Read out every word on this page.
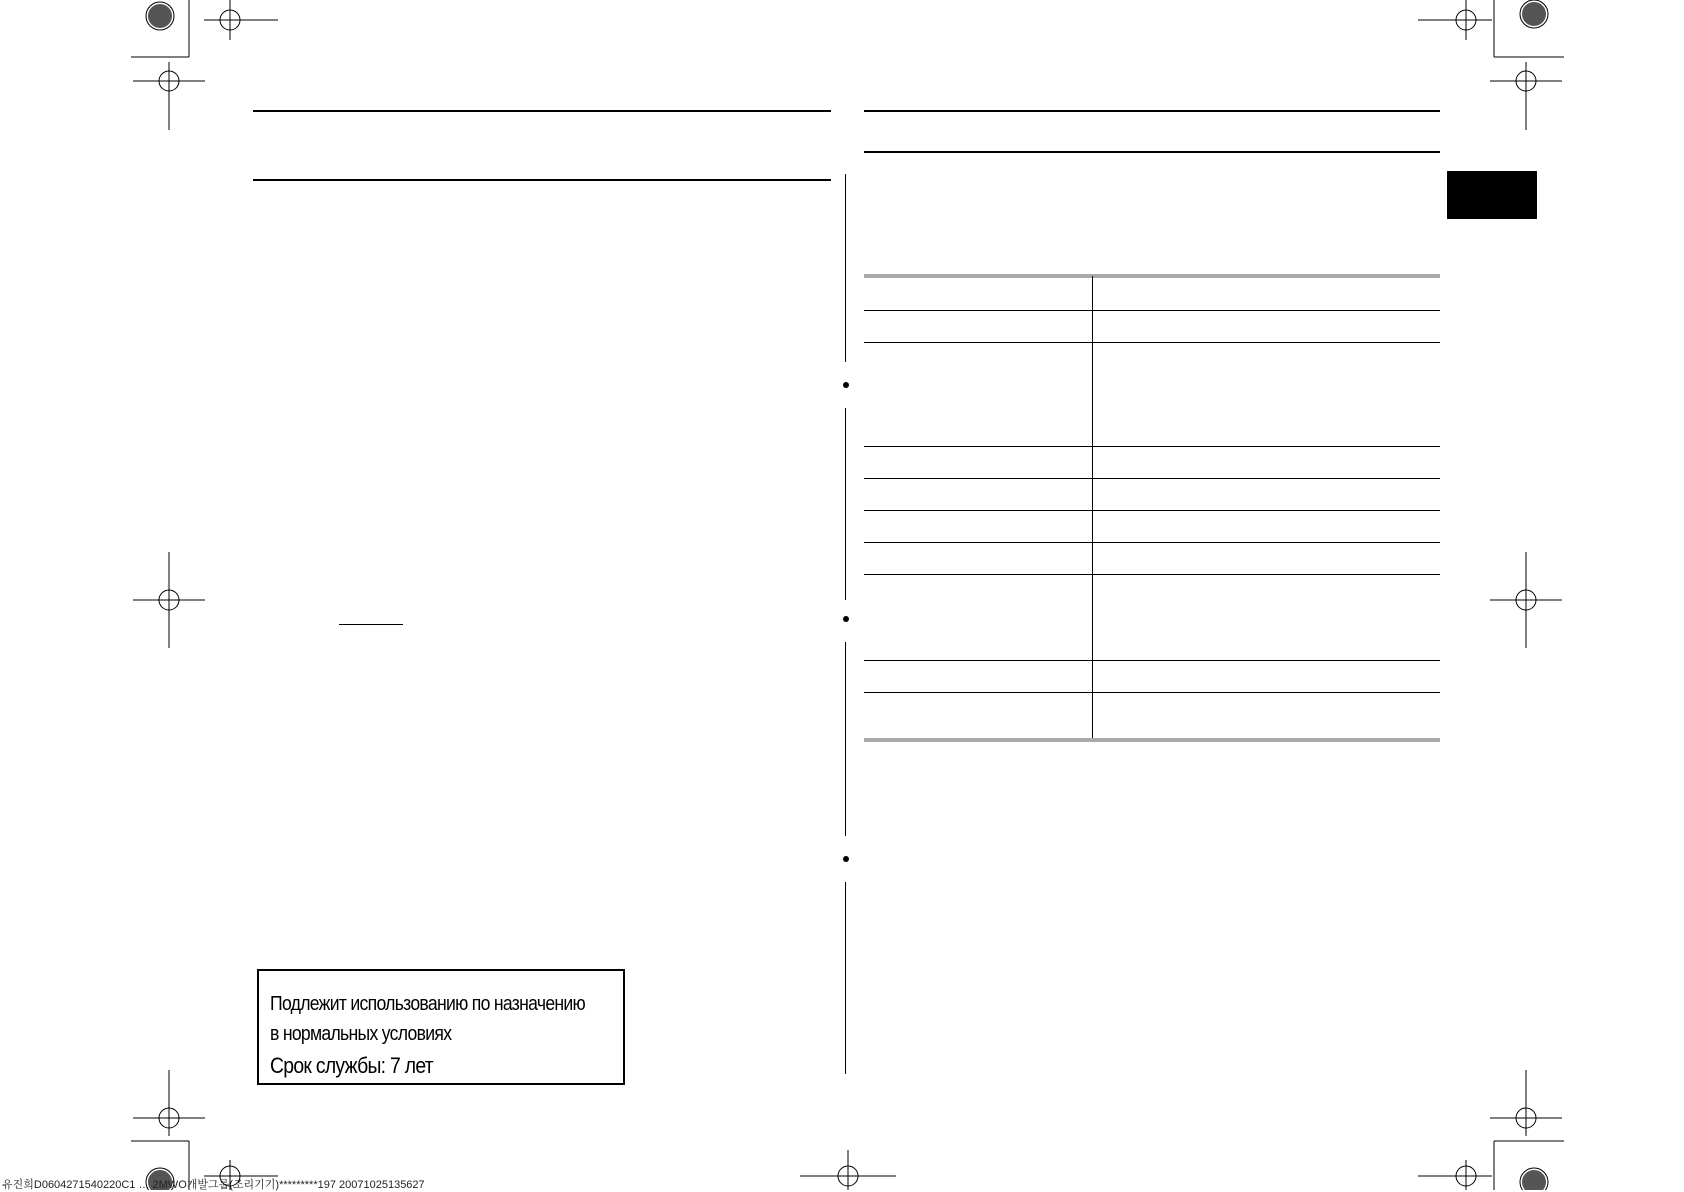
Подлежит использованию по назначению
в нормальных условиях
Срок службы: 7 лет
유진희D0604271540220C1 … 2MWO개발그룹(조리기기)*********197 20071025135627
